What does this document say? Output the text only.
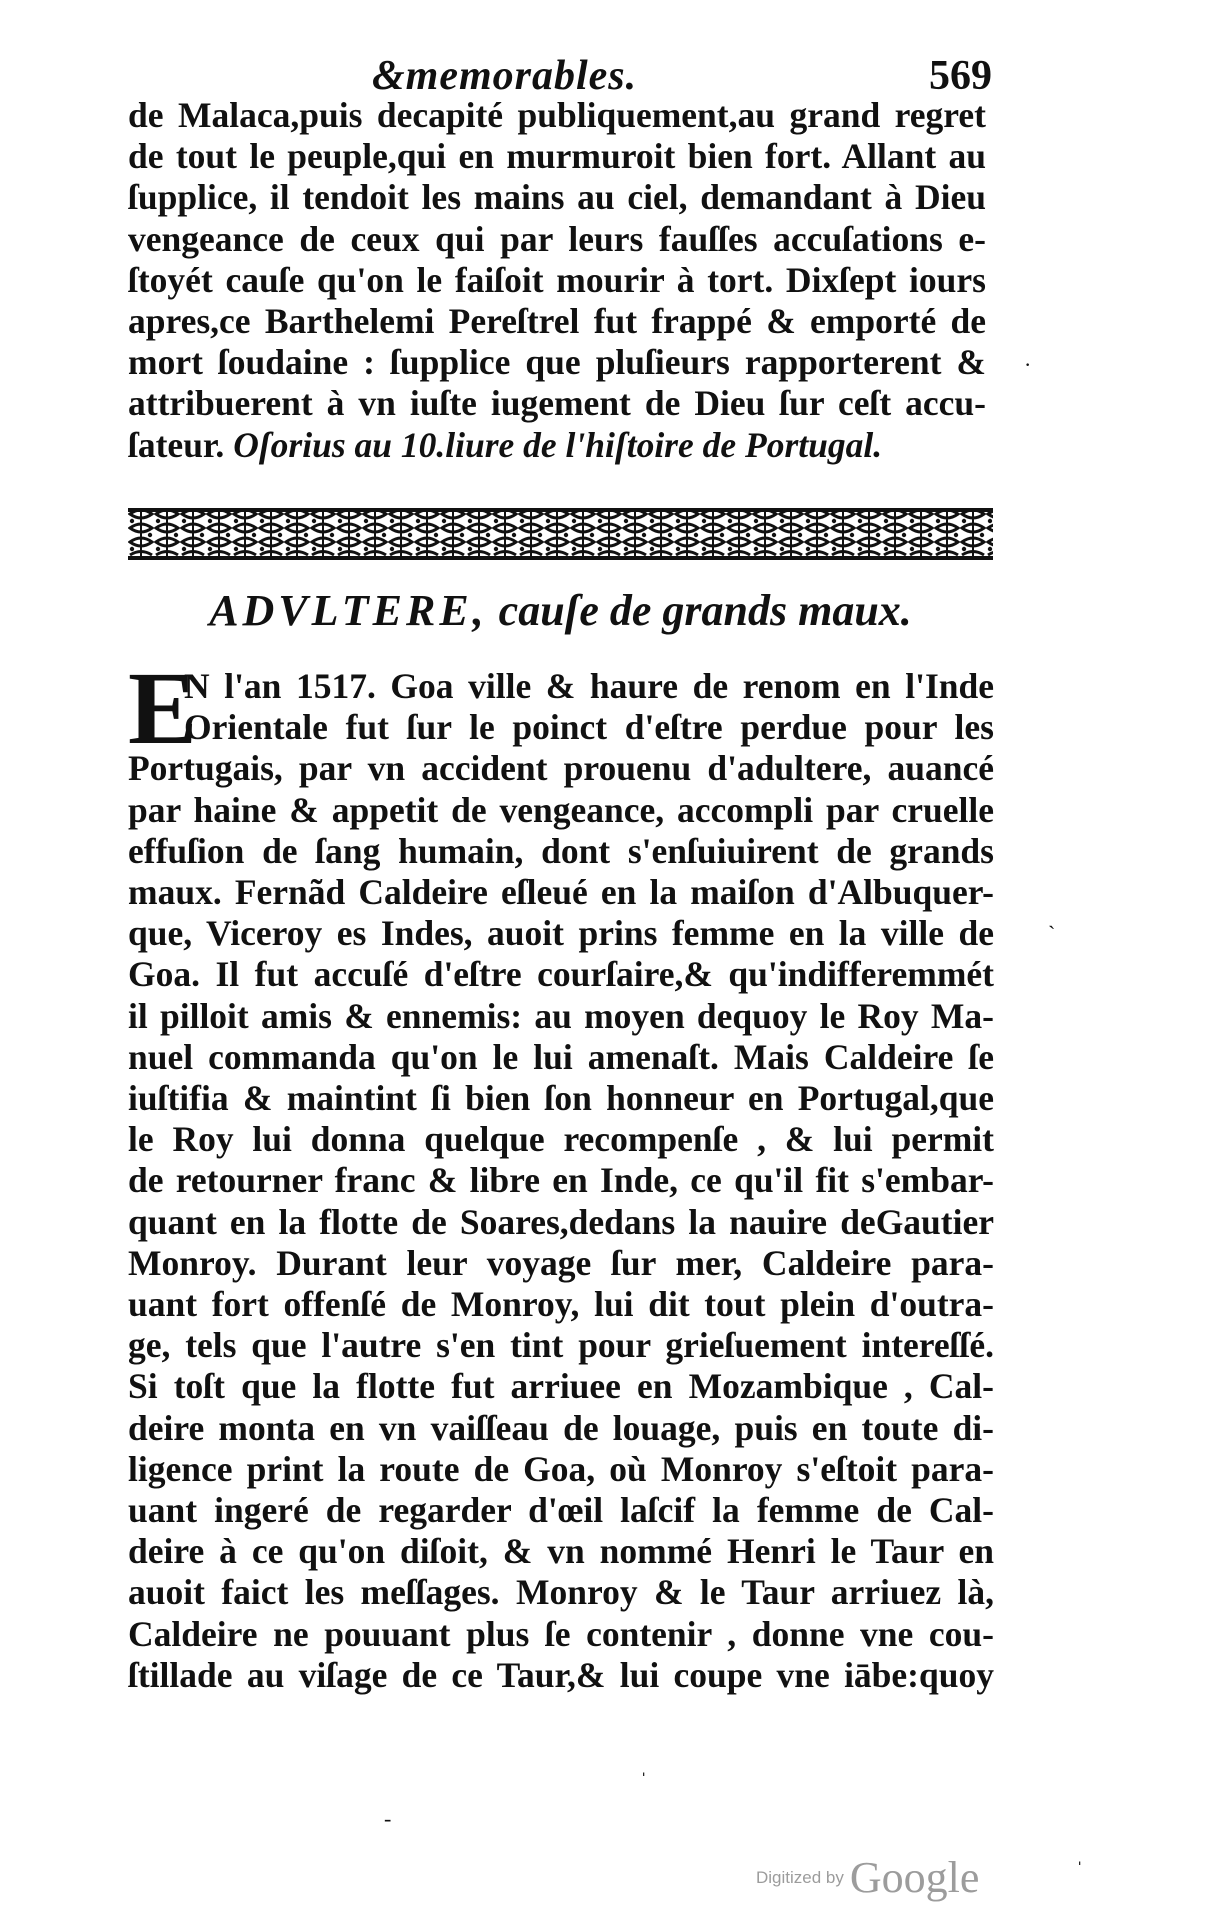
&memorables.	569
de Malaca,puis decapité publiquement,au grand regret
de tout le peuple,qui en murmuroit bien fort. Allant au
ſupplice, il tendoit les mains au ciel, demandant à Dieu
vengeance de ceux qui par leurs fauſſes accuſations e-
ſtoyét cauſe qu'on le faiſoit mourir à tort. Dixſept iours
apres,ce Barthelemi Pereſtrel fut frappé & emporté de
mort ſoudaine : ſupplice que pluſieurs rapporterent &
attribuerent à vn iuſte iugement de Dieu ſur ceſt accu-
ſateur. Oſorius au 10.liure de l'hiſtoire de Portugal.
ADVLTERE, cauſe de grands maux.
E
N l'an 1517. Goa ville & haure de renom en l'Inde
Orientale fut ſur le poinct d'eſtre perdue pour les
Portugais, par vn accident prouenu d'adultere, auancé
par haine & appetit de vengeance, accompli par cruelle
effuſion de ſang humain, dont s'enſuiuirent de grands
maux. Fernãd Caldeire eſleué en la maiſon d'Albuquer-
que, Viceroy es Indes, auoit prins femme en la ville de
Goa. Il fut accuſé d'eſtre courſaire,& qu'indifferemmét
il pilloit amis & ennemis: au moyen dequoy le Roy Ma-
nuel commanda qu'on le lui amenaſt. Mais Caldeire ſe
iuſtifia & maintint ſi bien ſon honneur en Portugal,que
le Roy lui donna quelque recompenſe , & lui permit
de retourner franc & libre en Inde, ce qu'il fit s'embar-
quant en la flotte de Soares,dedans la nauire deGautier
Monroy. Durant leur voyage ſur mer, Caldeire para-
uant fort offenſé de Monroy, lui dit tout plein d'outra-
ge, tels que l'autre s'en tint pour grieſuement intereſſé.
Si toſt que la flotte fut arriuee en Mozambique , Cal-
deire monta en vn vaiſſeau de louage, puis en toute di-
ligence print la route de Goa, où Monroy s'eſtoit para-
uant ingeré de regarder d'œil laſcif la femme de Cal-
deire à ce qu'on diſoit, & vn nommé Henri le Taur en
auoit faict les meſſages. Monroy & le Taur arriuez là,
Caldeire ne pouuant plus ſe contenir , donne vne cou-
ſtillade au viſage de ce Taur,& lui coupe vne iābe:quoy
·
ˏ
ˈ
-
ˌ
Digitized by Google
